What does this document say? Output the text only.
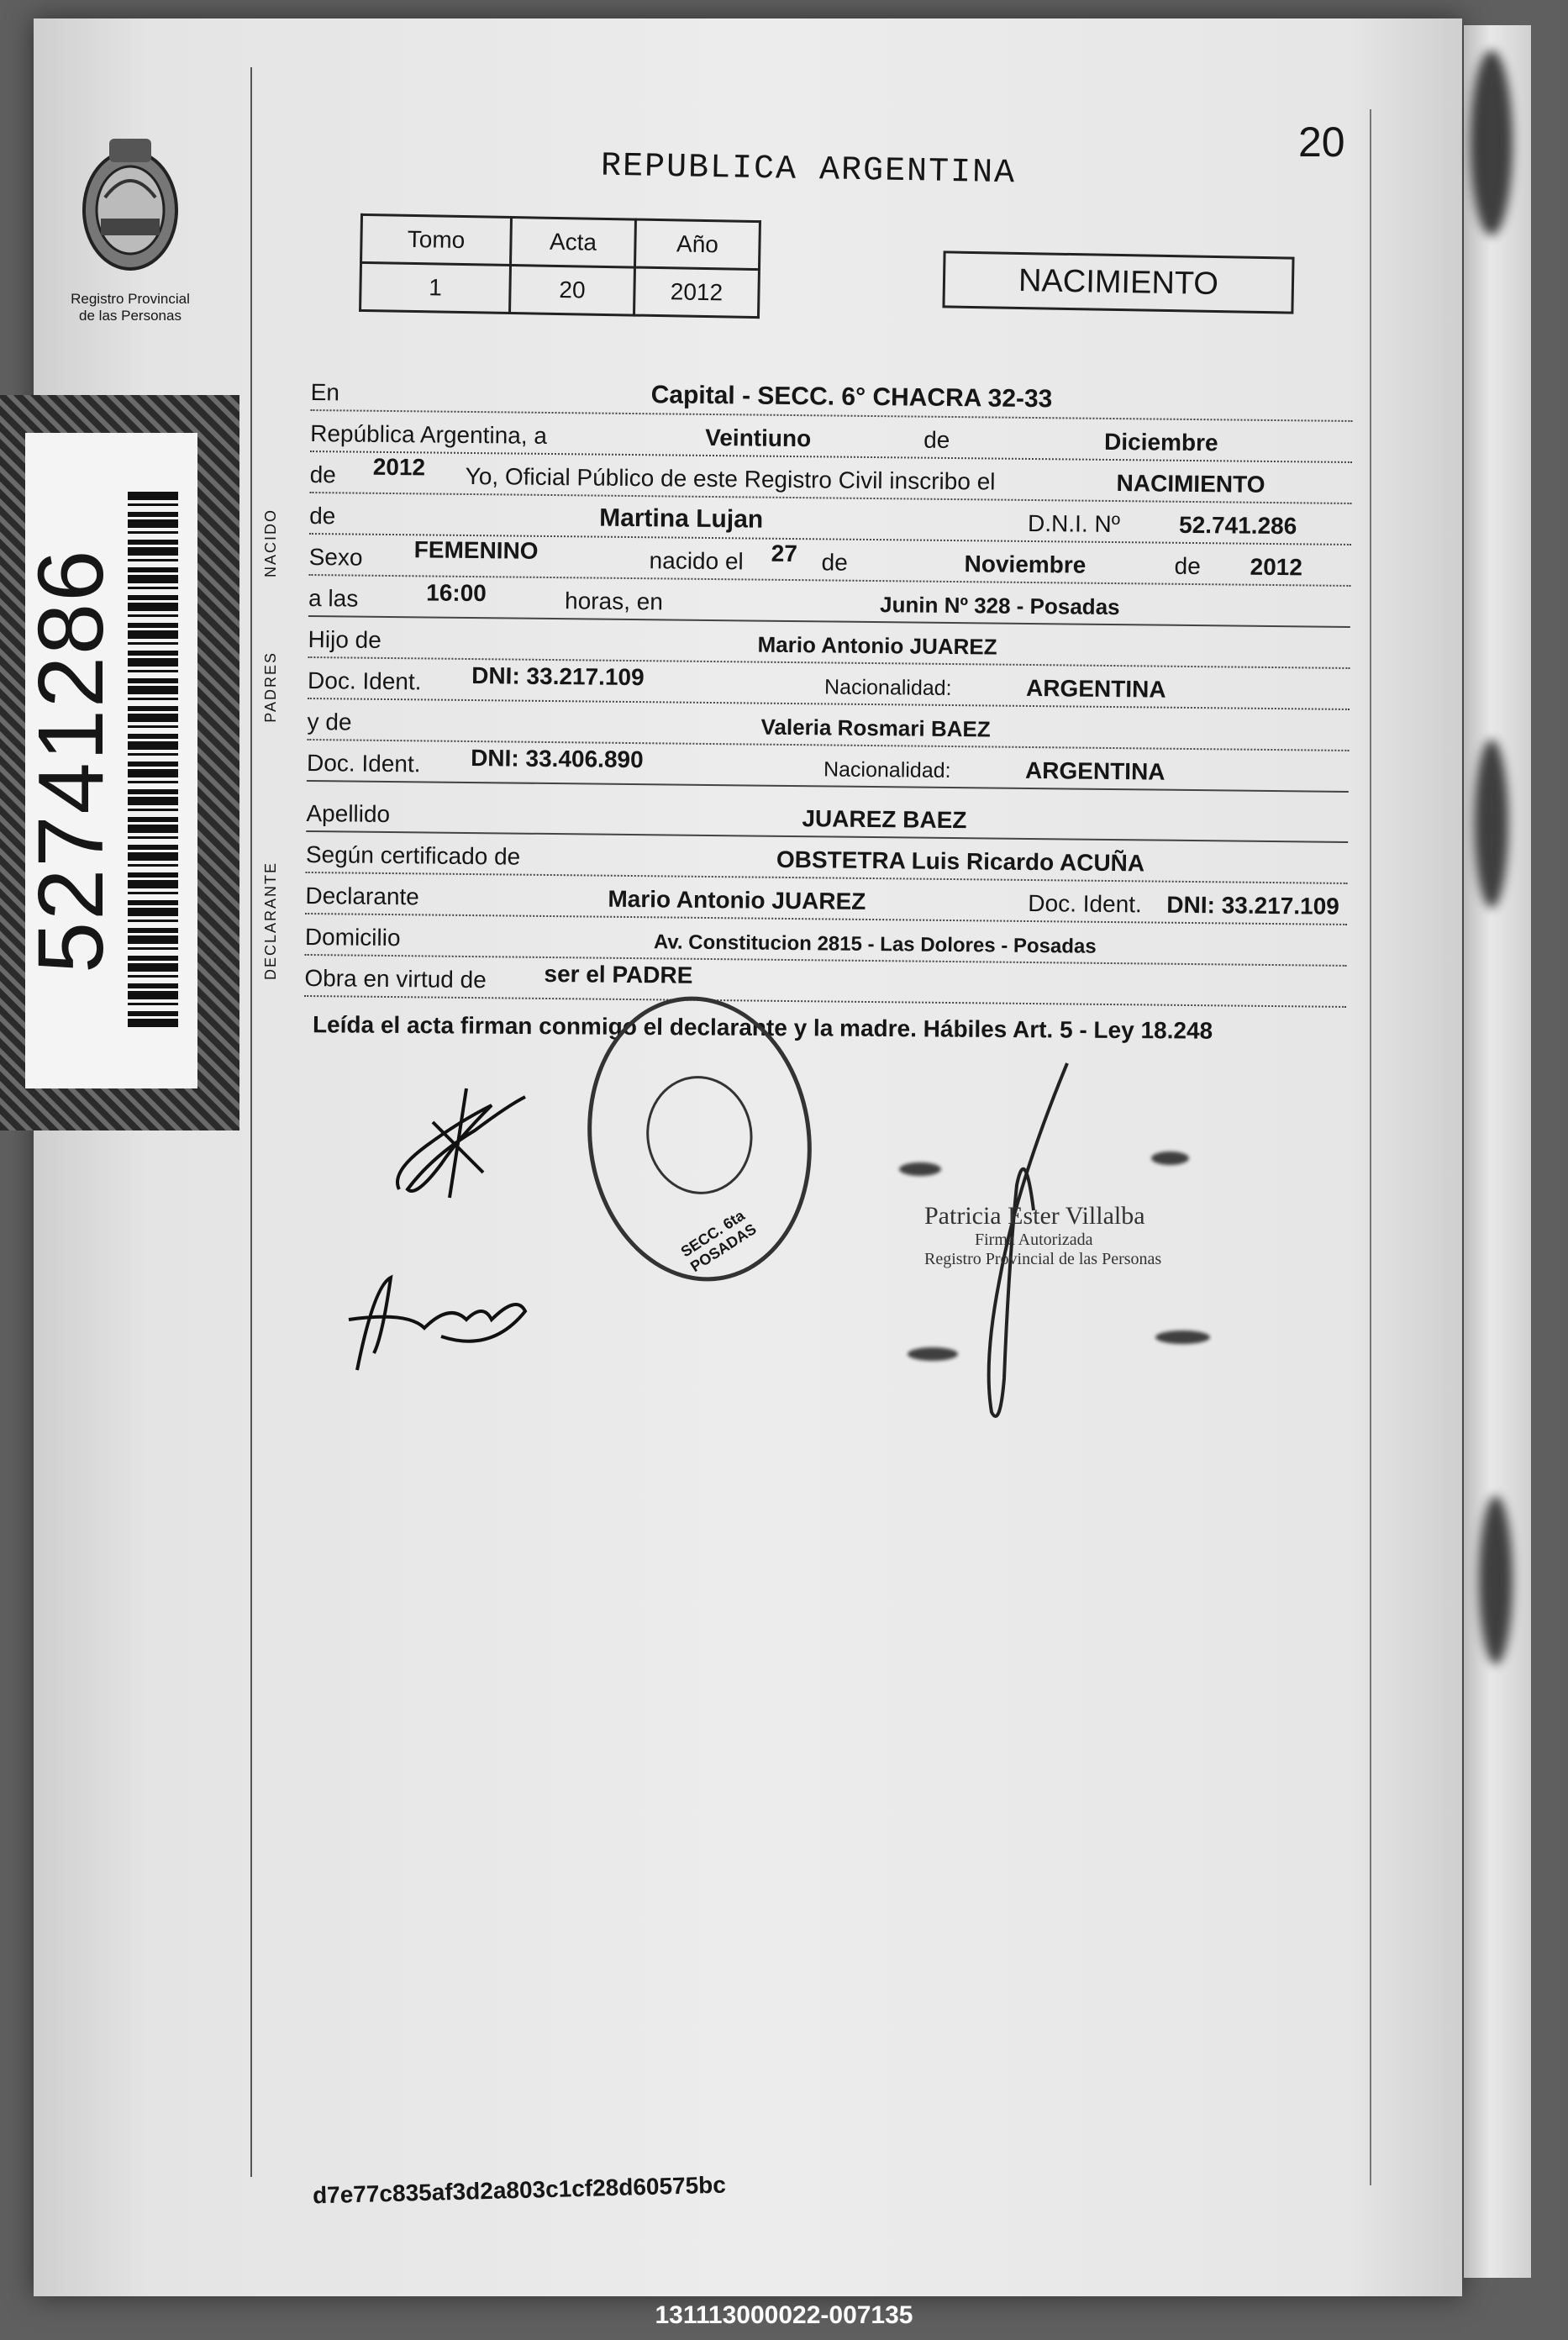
20
Registro Provincial
de las Personas
52741286
REPUBLICA ARGENTINA
Tomo	Acta	Año
1	20	2012	NACIMIENTO
NACIDO
PADRES
DECLARANTE
En	Capital - SECC. 6° CHACRA 32-33
República Argentina, a	Veintiuno	de	Diciembre
de 2012 Yo, Oficial Público de este Registro Civil inscribo el	NACIMIENTO
de	Martina Lujan	D.N.I. Nº 52.741.286
Sexo FEMENINO	nacido el 27 de	Noviembre	de 2012
a las	16:00	horas, en	Junin Nº 328 - Posadas
Hijo de	Mario Antonio JUAREZ
Doc. Ident. DNI: 33.217.109	Nacionalidad:	ARGENTINA
y de	Valeria Rosmari BAEZ
Doc. Ident. DNI: 33.406.890	Nacionalidad:	ARGENTINA
Apellido	JUAREZ BAEZ
Según certificado de	OBSTETRA Luis Ricardo ACUÑA
Declarante	Mario Antonio JUAREZ	Doc. Ident. DNI: 33.217.109
Domicilio	Av. Constitucion 2815 - Las Dolores - Posadas
Obra en virtud de ser el PADRE
Leída el acta firman conmigo el declarante y la madre. Hábiles Art. 5 - Ley 18.248
SECC. 6ta POSADAS
Patricia Ester Villalba
Firma Autorizada
Registro Provincial de las Personas
d7e77c835af3d2a803c1cf28d60575bc
131113000022-007135
